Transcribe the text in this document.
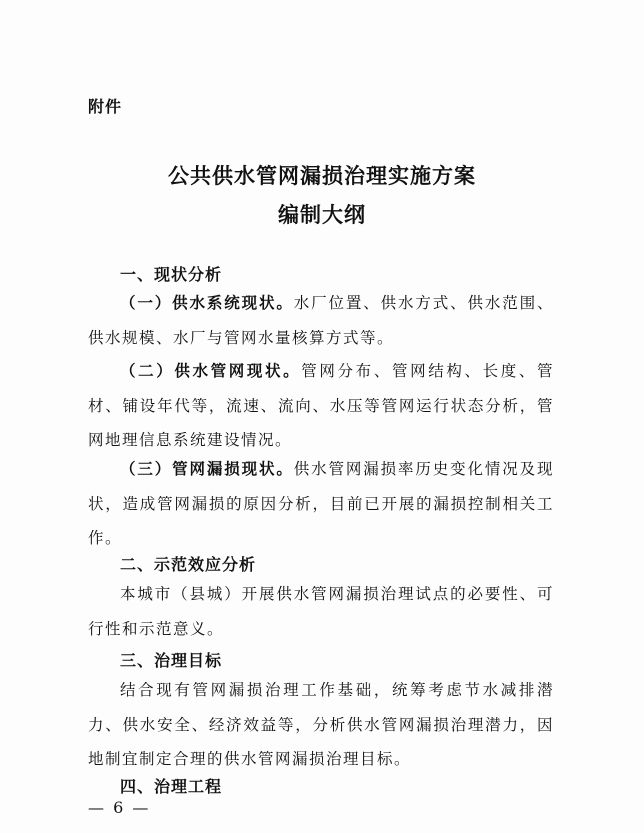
附件
公共供水管网漏损治理实施方案
编制大纲
一、现状分析
（一）供水系统现状。水厂位置、供水方式、供水范围、供水规模、水厂与管网水量核算方式等。
（二）供水管网现状。管网分布、管网结构、长度、管材、铺设年代等，流速、流向、水压等管网运行状态分析，管网地理信息系统建设情况。
（三）管网漏损现状。供水管网漏损率历史变化情况及现状，造成管网漏损的原因分析，目前已开展的漏损控制相关工作。
二、示范效应分析
本城市（县城）开展供水管网漏损治理试点的必要性、可行性和示范意义。
三、治理目标
结合现有管网漏损治理工作基础，统筹考虑节水减排潜力、供水安全、经济效益等，分析供水管网漏损治理潜力，因地制宜制定合理的供水管网漏损治理目标。
四、治理工程
— 6 —
